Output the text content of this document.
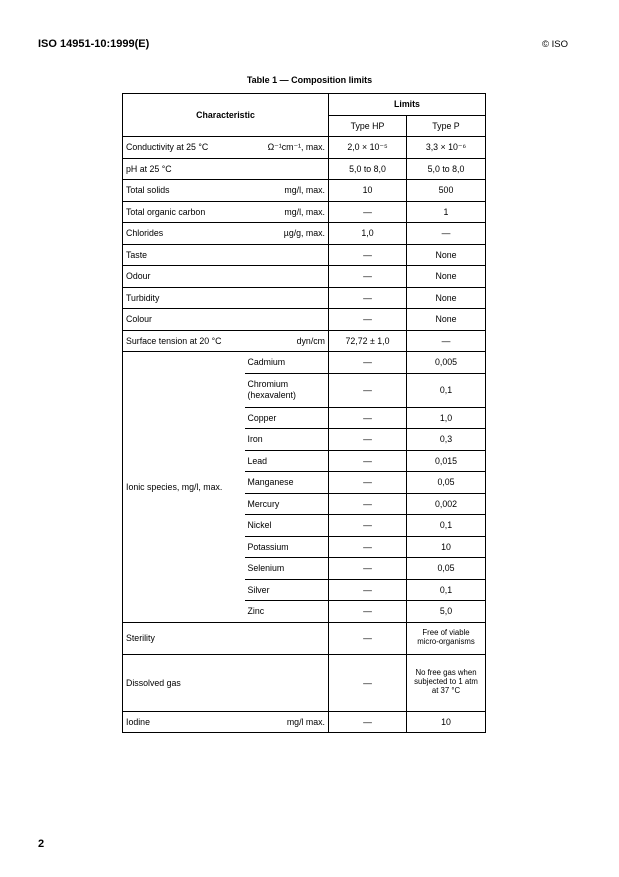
ISO 14951-10:1999(E)	© ISO
Table 1 — Composition limits
Characteristic		Limits	
		Type HP	Type P

Conductivity at 25 °C Ω⁻¹cm⁻¹, max.		2,0 × 10⁻⁵	3,3 × 10⁻⁶
pH at 25 °C		5,0 to 8,0	5,0 to 8,0

Total solids mg/l, max.		10	500

Total organic carbon mg/l, max.		—	1

Chlorides µg/g, max.		1,0	—
Taste		—	None
Odour		—	None
Turbidity		—	None
Colour		—	None

Surface tension at 20 °C dyn/cm		72,72 ± 1,0	—
Ionic species, mg/l, max.	Cadmium	—	0,005
	Chromium (hexavalent)	—	0,1
	Copper	—	1,0
	Iron	—	0,3
	Lead	—	0,015
	Manganese	—	0,05
	Mercury	—	0,002
	Nickel	—	0,1
	Potassium	—	10
	Selenium	—	0,05
	Silver	—	0,1
	Zinc	—	5,0
Sterility		—	Free of viable micro-organisms
Dissolved gas		—	No free gas when subjected to 1 atm at 37 °C

Iodine mg/l max.		—	10
2
